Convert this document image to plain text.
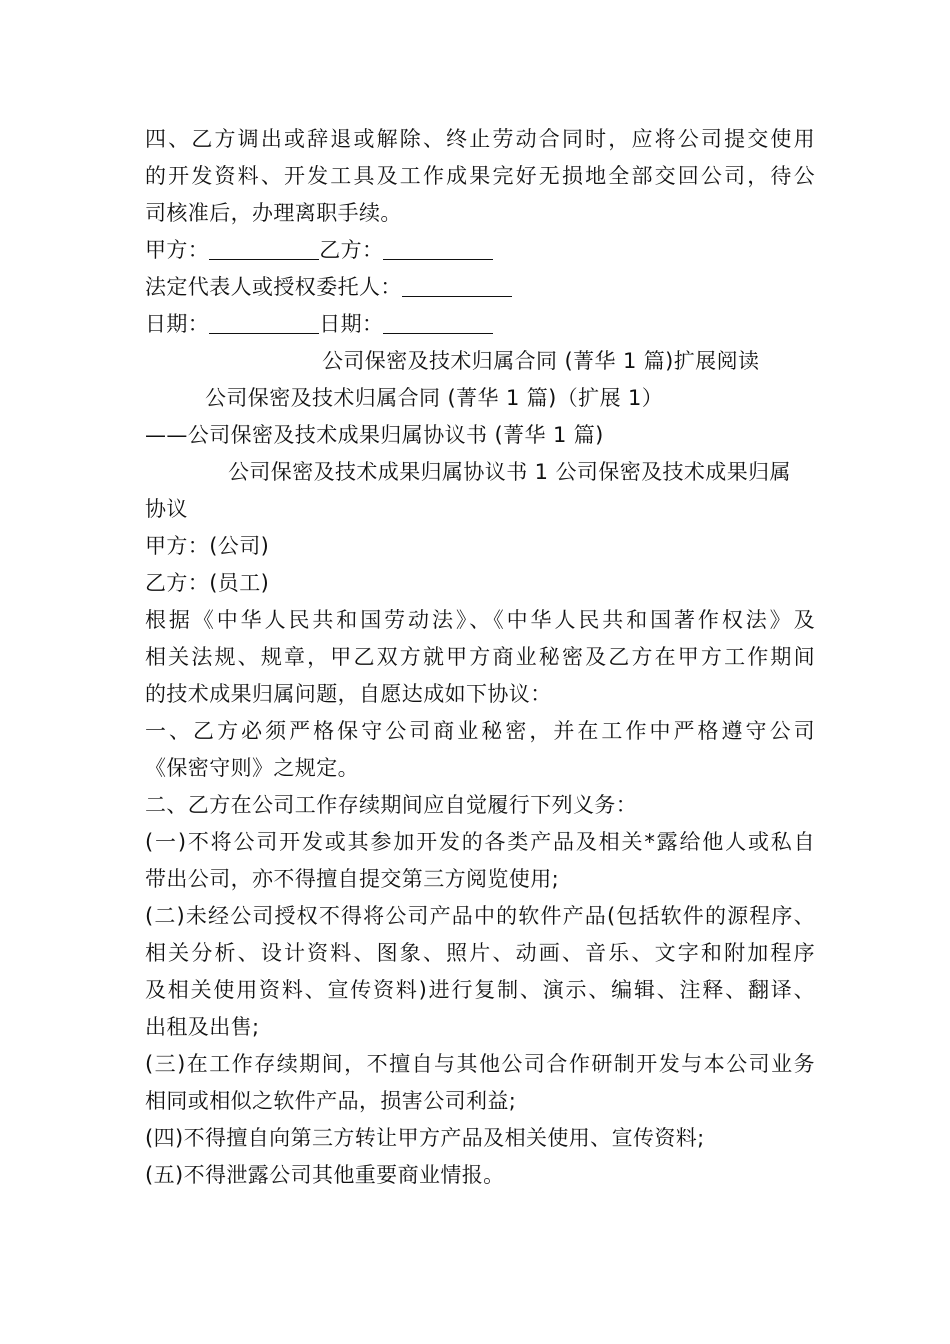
四、乙方调出或辞退或解除、终止劳动合同时，应将公司提交使用
的开发资料、开发工具及工作成果完好无损地全部交回公司，待公
司核准后，办理离职手续。
甲方：	乙方：
法定代表人或授权委托人：
日期：	日期：
公司保密及技术归属合同 (菁华 1 篇)扩展阅读
公司保密及技术归属合同 (菁华 1 篇)（扩展 1）
——公司保密及技术成果归属协议书 (菁华 1 篇)
公司保密及技术成果归属协议书 1 公司保密及技术成果归属
协议
甲方：(公司)
乙方：(员工)
根据《中华人民共和国劳动法》、《中华人民共和国著作权法》及
相关法规、规章，甲乙双方就甲方商业秘密及乙方在甲方工作期间
的技术成果归属问题，自愿达成如下协议：
一、乙方必须严格保守公司商业秘密，并在工作中严格遵守公司
《保密守则》之规定。
二、乙方在公司工作存续期间应自觉履行下列义务：
(一)不将公司开发或其参加开发的各类产品及相关*露给他人或私自
带出公司，亦不得擅自提交第三方阅览使用;
(二)未经公司授权不得将公司产品中的软件产品(包括软件的源程序、
相关分析、设计资料、图象、照片、动画、音乐、文字和附加程序
及相关使用资料、宣传资料)进行复制、演示、编辑、注释、翻译、
出租及出售;
(三)在工作存续期间，不擅自与其他公司合作研制开发与本公司业务
相同或相似之软件产品，损害公司利益;
(四)不得擅自向第三方转让甲方产品及相关使用、宣传资料;
(五)不得泄露公司其他重要商业情报。
